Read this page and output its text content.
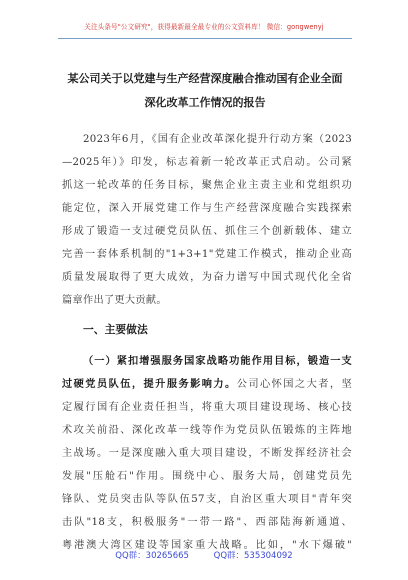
关注头条号"公文研究"，获得最新最全最专业的公文资料库！ 微信：gongwenyj
某公司关于以党建与生产经营深度融合推动国有企业全面
深化改革工作情况的报告
2023年6月，《国有企业改革深化提升行动方案（2023
—2025年）》印发，标志着新一轮改革正式启动。公司紧
抓这一轮改革的任务目标，聚焦企业主责主业和党组织功
能定位，深入开展党建工作与生产经营深度融合实践探索
形成了锻造一支过硬党员队伍、抓住三个创新载体、建立
完善一套体系机制的"1+3+1"党建工作模式，推动企业高
质量发展取得了更大成效，为奋力谱写中国式现代化全省
篇章作出了更大贡献。
一、主要做法
（一）紧扣增强服务国家战略功能作用目标，锻造一支
过硬党员队伍，提升服务影响力。公司心怀国之大者，坚
定履行国有企业责任担当，将重大项目建设现场、核心技
术攻关前沿、深化改革一线等作为党员队伍锻炼的主阵地
主战场。一是深度融入重大项目建设，不断发挥经济社会
发展"压舱石"作用。围绕中心、服务大局，创建党员先
锋队、党员突击队等队伍57支，自治区重大项目"青年突
击队"18支，积极服务"一带一路"、西部陆海新通道、
粤港澳大湾区建设等国家重大战略。比如，"水下爆破"
QQ群：30265665	QQ群：535304092
